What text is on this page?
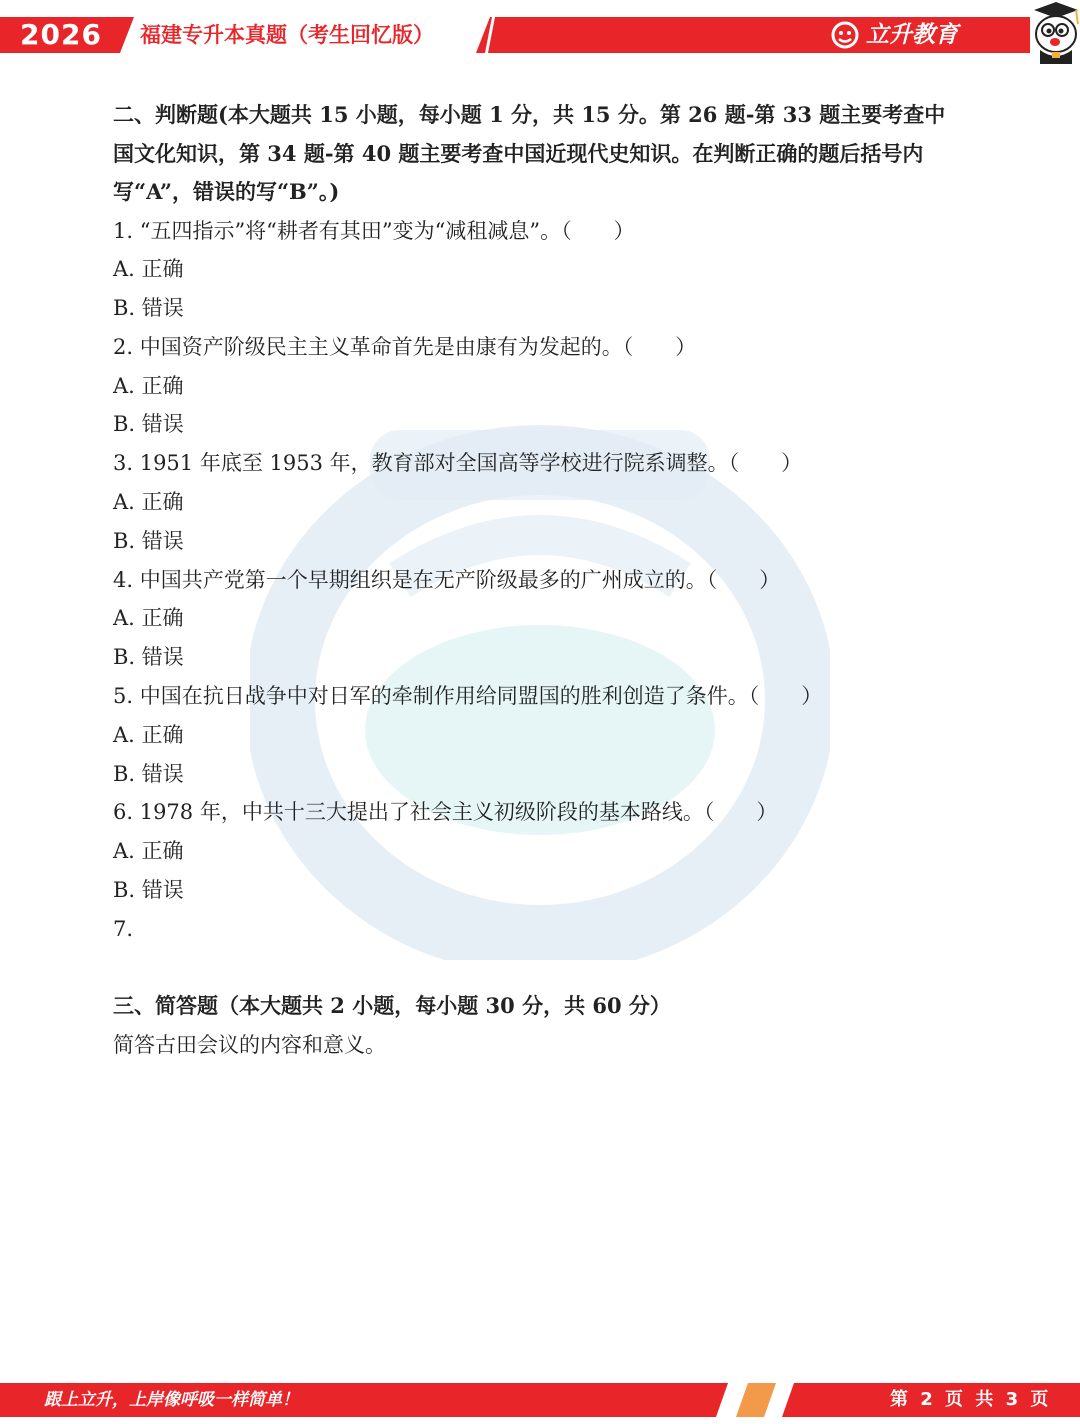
2026 福建专升本真题（考生回忆版）	立升教育
二、判断题(本大题共 15 小题，每小题 1 分，共 15 分。第 26 题-第 33 题主要考查中
国文化知识，第 34 题-第 40 题主要考查中国近现代史知识。在判断正确的题后括号内
写“A”，错误的写“B”。)
1. “五四指示”将“耕者有其田”变为“减租减息”。（　　）
A. 正确
B. 错误
2. 中国资产阶级民主主义革命首先是由康有为发起的。（　　）
A. 正确
B. 错误
3. 1951 年底至 1953 年，教育部对全国高等学校进行院系调整。（　　）
A. 正确
B. 错误
4. 中国共产党第一个早期组织是在无产阶级最多的广州成立的。（　　）
A. 正确
B. 错误
5. 中国在抗日战争中对日军的牵制作用给同盟国的胜利创造了条件。（　　）
A. 正确
B. 错误
6. 1978 年，中共十三大提出了社会主义初级阶段的基本路线。（　　）
A. 正确
B. 错误
7.
三、简答题（本大题共 2 小题，每小题 30 分，共 60 分）
简答古田会议的内容和意义。
跟上立升，上岸像呼吸一样简单！	第 2 页 共 3 页
